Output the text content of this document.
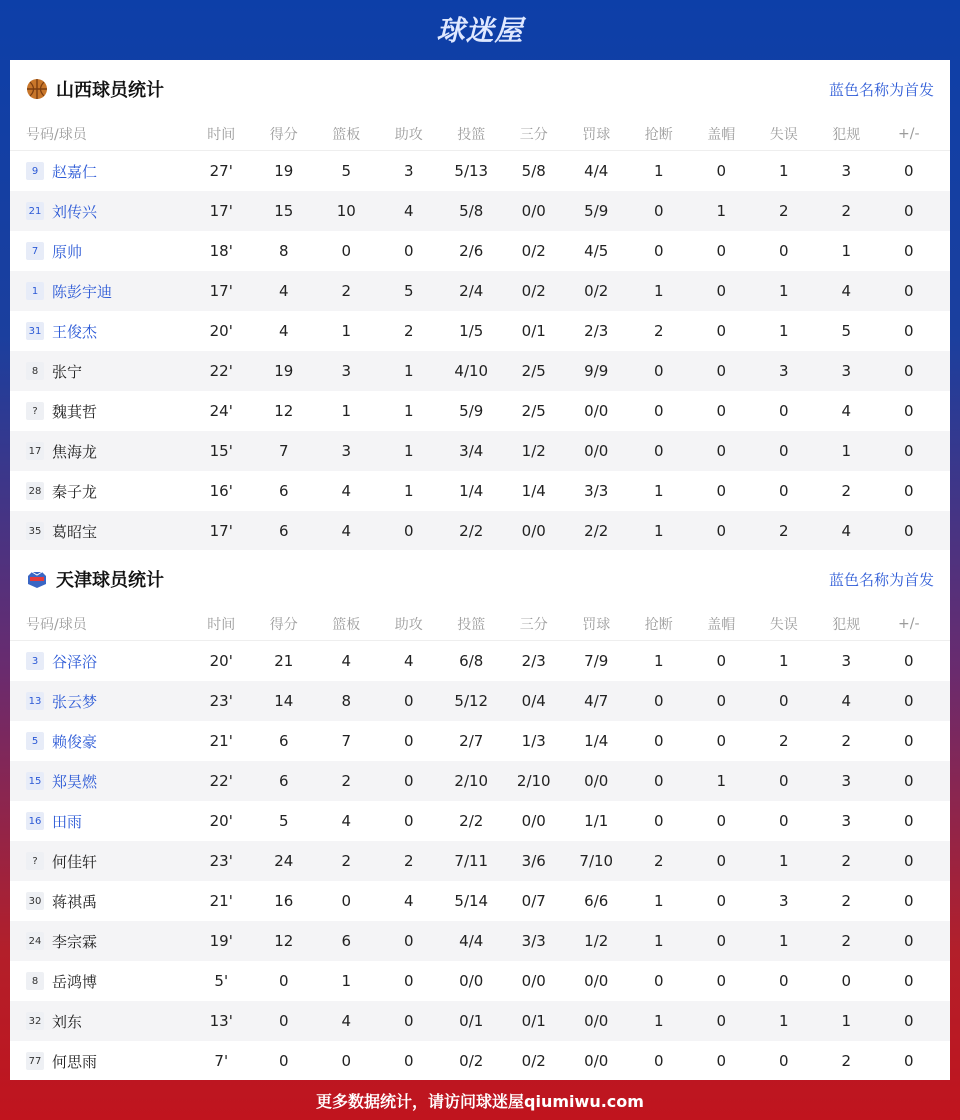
球迷屋
山西球员统计	蓝色名称为首发
号码/球员	时间	得分	篮板	助攻	投篮	三分	罚球	抢断	盖帽	失误	犯规	+/-
9 赵嘉仁	27'	19	5	3	5/13	5/8	4/4	1	0	1	3	0
21 刘传兴	17'	15	10	4	5/8	0/0	5/9	0	1	2	2	0
7 原帅	18'	8	0	0	2/6	0/2	4/5	0	0	0	1	0
1 陈彭宇迪	17'	4	2	5	2/4	0/2	0/2	1	0	1	4	0
31 王俊杰	20'	4	1	2	1/5	0/1	2/3	2	0	1	5	0
8 张宁	22'	19	3	1	4/10	2/5	9/9	0	0	3	3	0
? 魏萁哲	24'	12	1	1	5/9	2/5	0/0	0	0	0	4	0
17 焦海龙	15'	7	3	1	3/4	1/2	0/0	0	0	0	1	0
28 秦子龙	16'	6	4	1	1/4	1/4	3/3	1	0	0	2	0
35 葛昭宝	17'	6	4	0	2/2	0/0	2/2	1	0	2	4	0
天津球员统计	蓝色名称为首发
号码/球员	时间	得分	篮板	助攻	投篮	三分	罚球	抢断	盖帽	失误	犯规	+/-
3 谷泽浴	20'	21	4	4	6/8	2/3	7/9	1	0	1	3	0
13 张云梦	23'	14	8	0	5/12	0/4	4/7	0	0	0	4	0
5 赖俊豪	21'	6	7	0	2/7	1/3	1/4	0	0	2	2	0
15 郑昊燃	22'	6	2	0	2/10	2/10	0/0	0	1	0	3	0
16 田雨	20'	5	4	0	2/2	0/0	1/1	0	0	0	3	0
? 何佳轩	23'	24	2	2	7/11	3/6	7/10	2	0	1	2	0
30 蒋祺禹	21'	16	0	4	5/14	0/7	6/6	1	0	3	2	0
24 李宗霖	19'	12	6	0	4/4	3/3	1/2	1	0	1	2	0
8 岳鸿博	5'	0	1	0	0/0	0/0	0/0	0	0	0	0	0
32 刘东	13'	0	4	0	0/1	0/1	0/0	1	0	1	1	0
77 何思雨	7'	0	0	0	0/2	0/2	0/0	0	0	0	2	0
更多数据统计，请访问球迷屋qiumiwu.com
